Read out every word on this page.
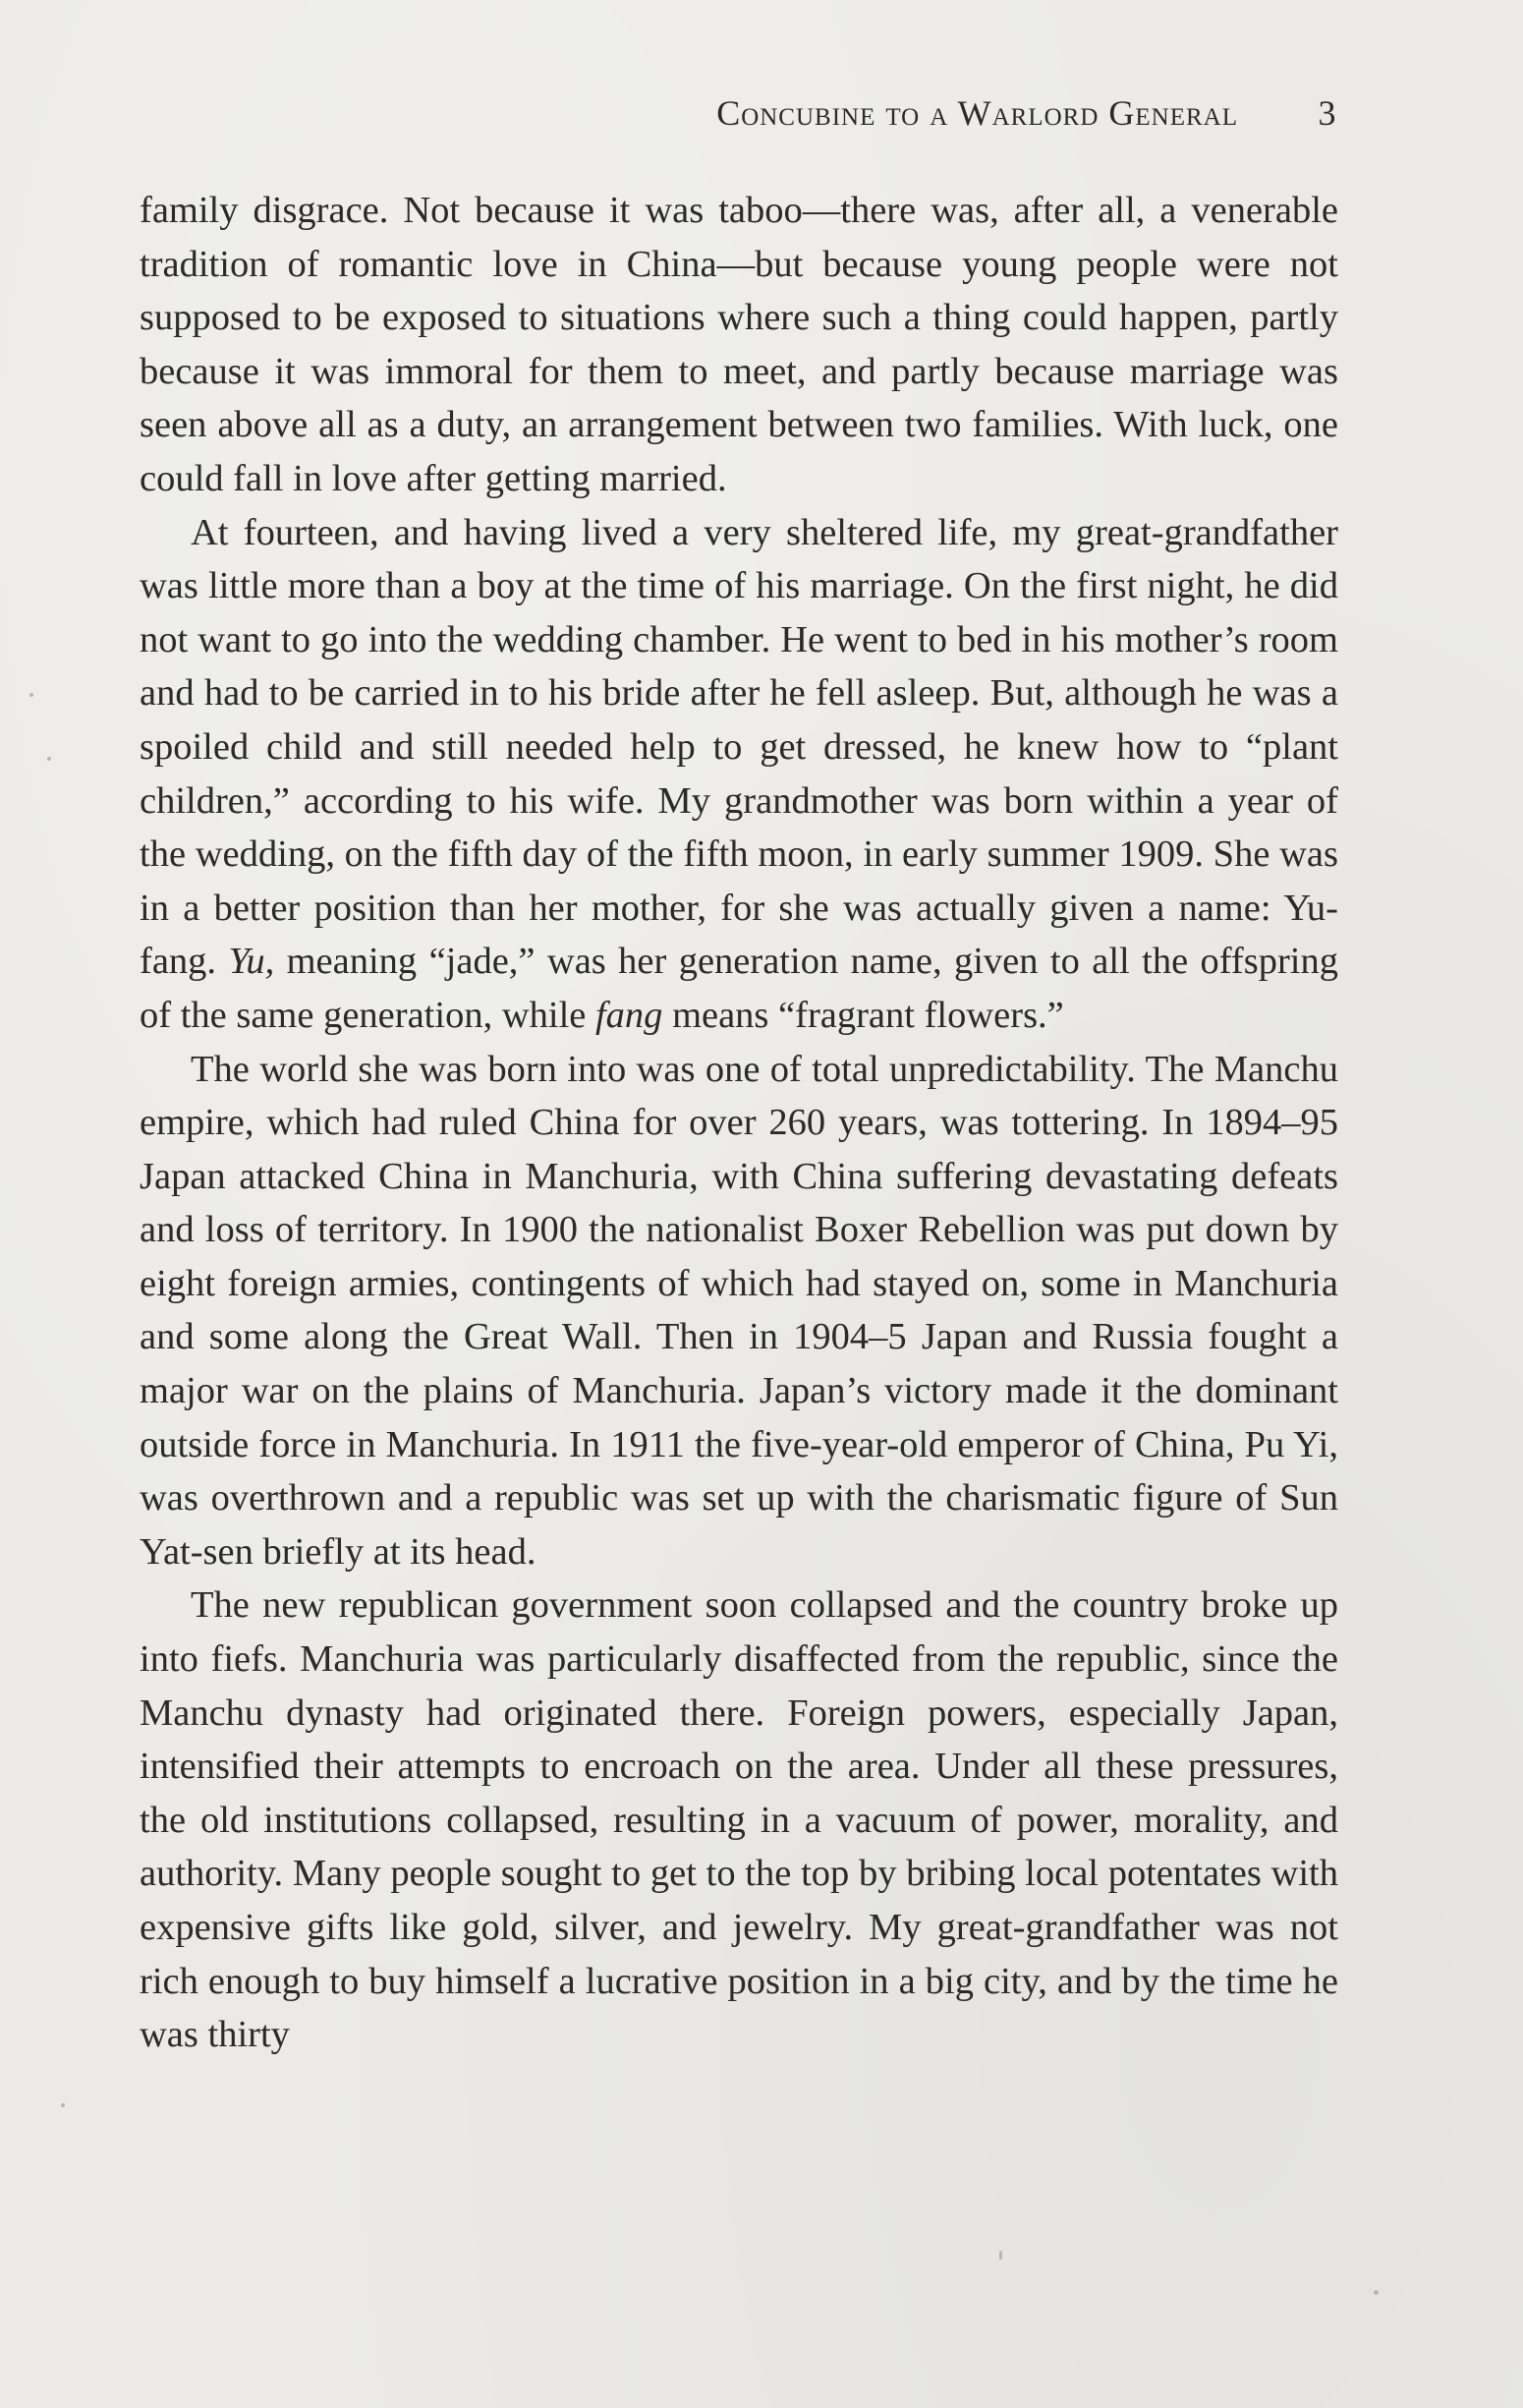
Concubine to a Warlord General	3

family disgrace. Not because it was taboo—there was, after all, a venerable tradition of romantic love in China—but because young people were not supposed to be exposed to situations where such a thing could happen, partly because it was immoral for them to meet, and partly because marriage was seen above all as a duty, an arrangement between two families. With luck, one could fall in love after getting married.

At fourteen, and having lived a very sheltered life, my great-grandfather was little more than a boy at the time of his marriage. On the first night, he did not want to go into the wedding chamber. He went to bed in his mother’s room and had to be carried in to his bride after he fell asleep. But, although he was a spoiled child and still needed help to get dressed, he knew how to “plant children,” according to his wife. My grandmother was born within a year of the wedding, on the fifth day of the fifth moon, in early summer 1909. She was in a better position than her mother, for she was actually given a name: Yu-fang. Yu, meaning “jade,” was her generation name, given to all the offspring of the same generation, while fang means “fragrant flowers.”

The world she was born into was one of total unpredictability. The Manchu empire, which had ruled China for over 260 years, was tottering. In 1894–95 Japan attacked China in Manchuria, with China suffering devastating defeats and loss of territory. In 1900 the nationalist Boxer Rebellion was put down by eight foreign armies, contingents of which had stayed on, some in Manchuria and some along the Great Wall. Then in 1904–5 Japan and Russia fought a major war on the plains of Manchuria. Japan’s victory made it the dominant outside force in Manchuria. In 1911 the five-year-old emperor of China, Pu Yi, was overthrown and a republic was set up with the charismatic figure of Sun Yat-sen briefly at its head.

The new republican government soon collapsed and the country broke up into fiefs. Manchuria was particularly disaffected from the republic, since the Manchu dynasty had originated there. Foreign powers, especially Japan, intensified their attempts to encroach on the area. Under all these pressures, the old institutions collapsed, resulting in a vacuum of power, morality, and authority. Many people sought to get to the top by bribing local potentates with expensive gifts like gold, silver, and jewelry. My great-grandfather was not rich enough to buy himself a lucrative position in a big city, and by the time he was thirty
